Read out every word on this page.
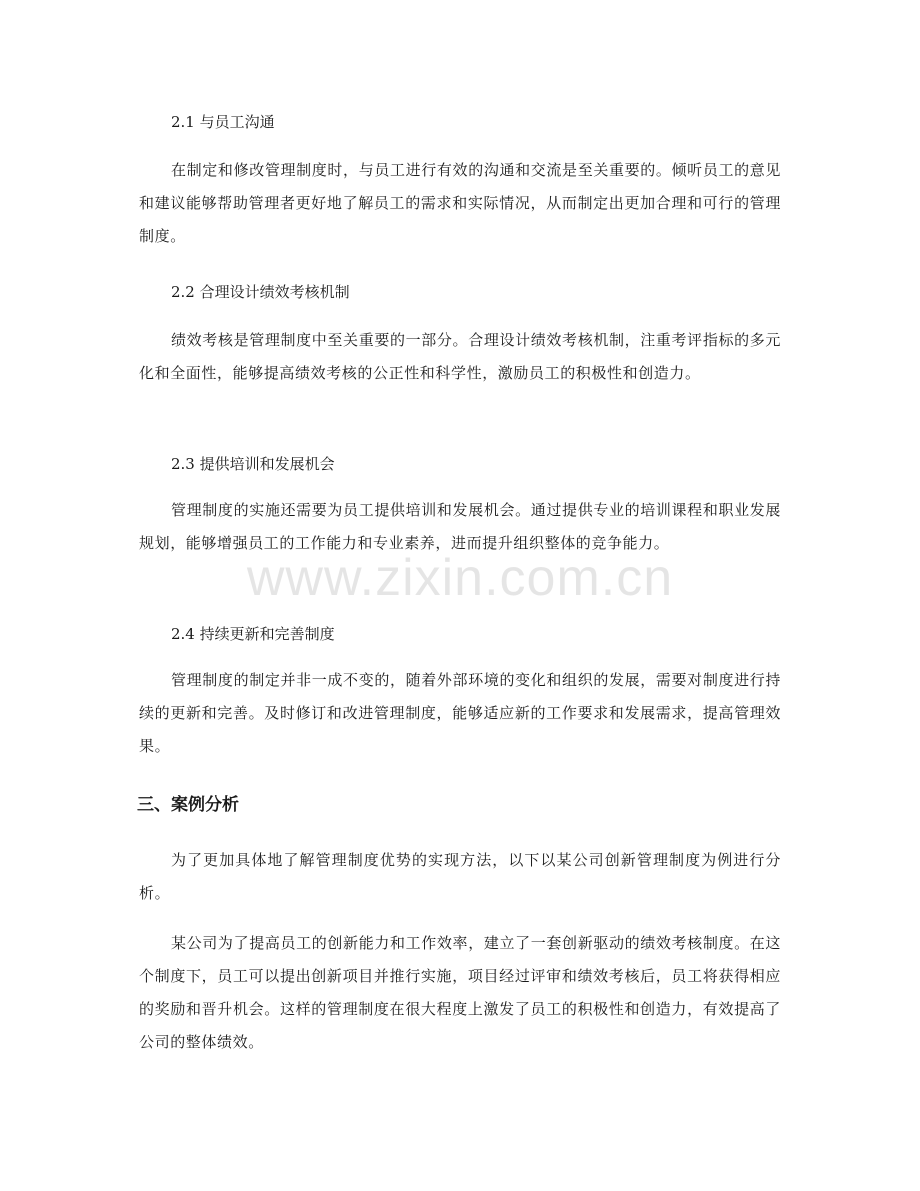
www.zixin.com.cn
2.1 与员工沟通
在制定和修改管理制度时，与员工进行有效的沟通和交流是至关重要的。倾听员工的意见和建议能够帮助管理者更好地了解员工的需求和实际情况，从而制定出更加合理和可行的管理制度。
2.2 合理设计绩效考核机制
绩效考核是管理制度中至关重要的一部分。合理设计绩效考核机制，注重考评指标的多元化和全面性，能够提高绩效考核的公正性和科学性，激励员工的积极性和创造力。
2.3 提供培训和发展机会
管理制度的实施还需要为员工提供培训和发展机会。通过提供专业的培训课程和职业发展规划，能够增强员工的工作能力和专业素养，进而提升组织整体的竞争能力。
2.4 持续更新和完善制度
管理制度的制定并非一成不变的，随着外部环境的变化和组织的发展，需要对制度进行持续的更新和完善。及时修订和改进管理制度，能够适应新的工作要求和发展需求，提高管理效果。
三、案例分析
为了更加具体地了解管理制度优势的实现方法，以下以某公司创新管理制度为例进行分析。
某公司为了提高员工的创新能力和工作效率，建立了一套创新驱动的绩效考核制度。在这个制度下，员工可以提出创新项目并推行实施，项目经过评审和绩效考核后，员工将获得相应的奖励和晋升机会。这样的管理制度在很大程度上激发了员工的积极性和创造力，有效提高了公司的整体绩效。
